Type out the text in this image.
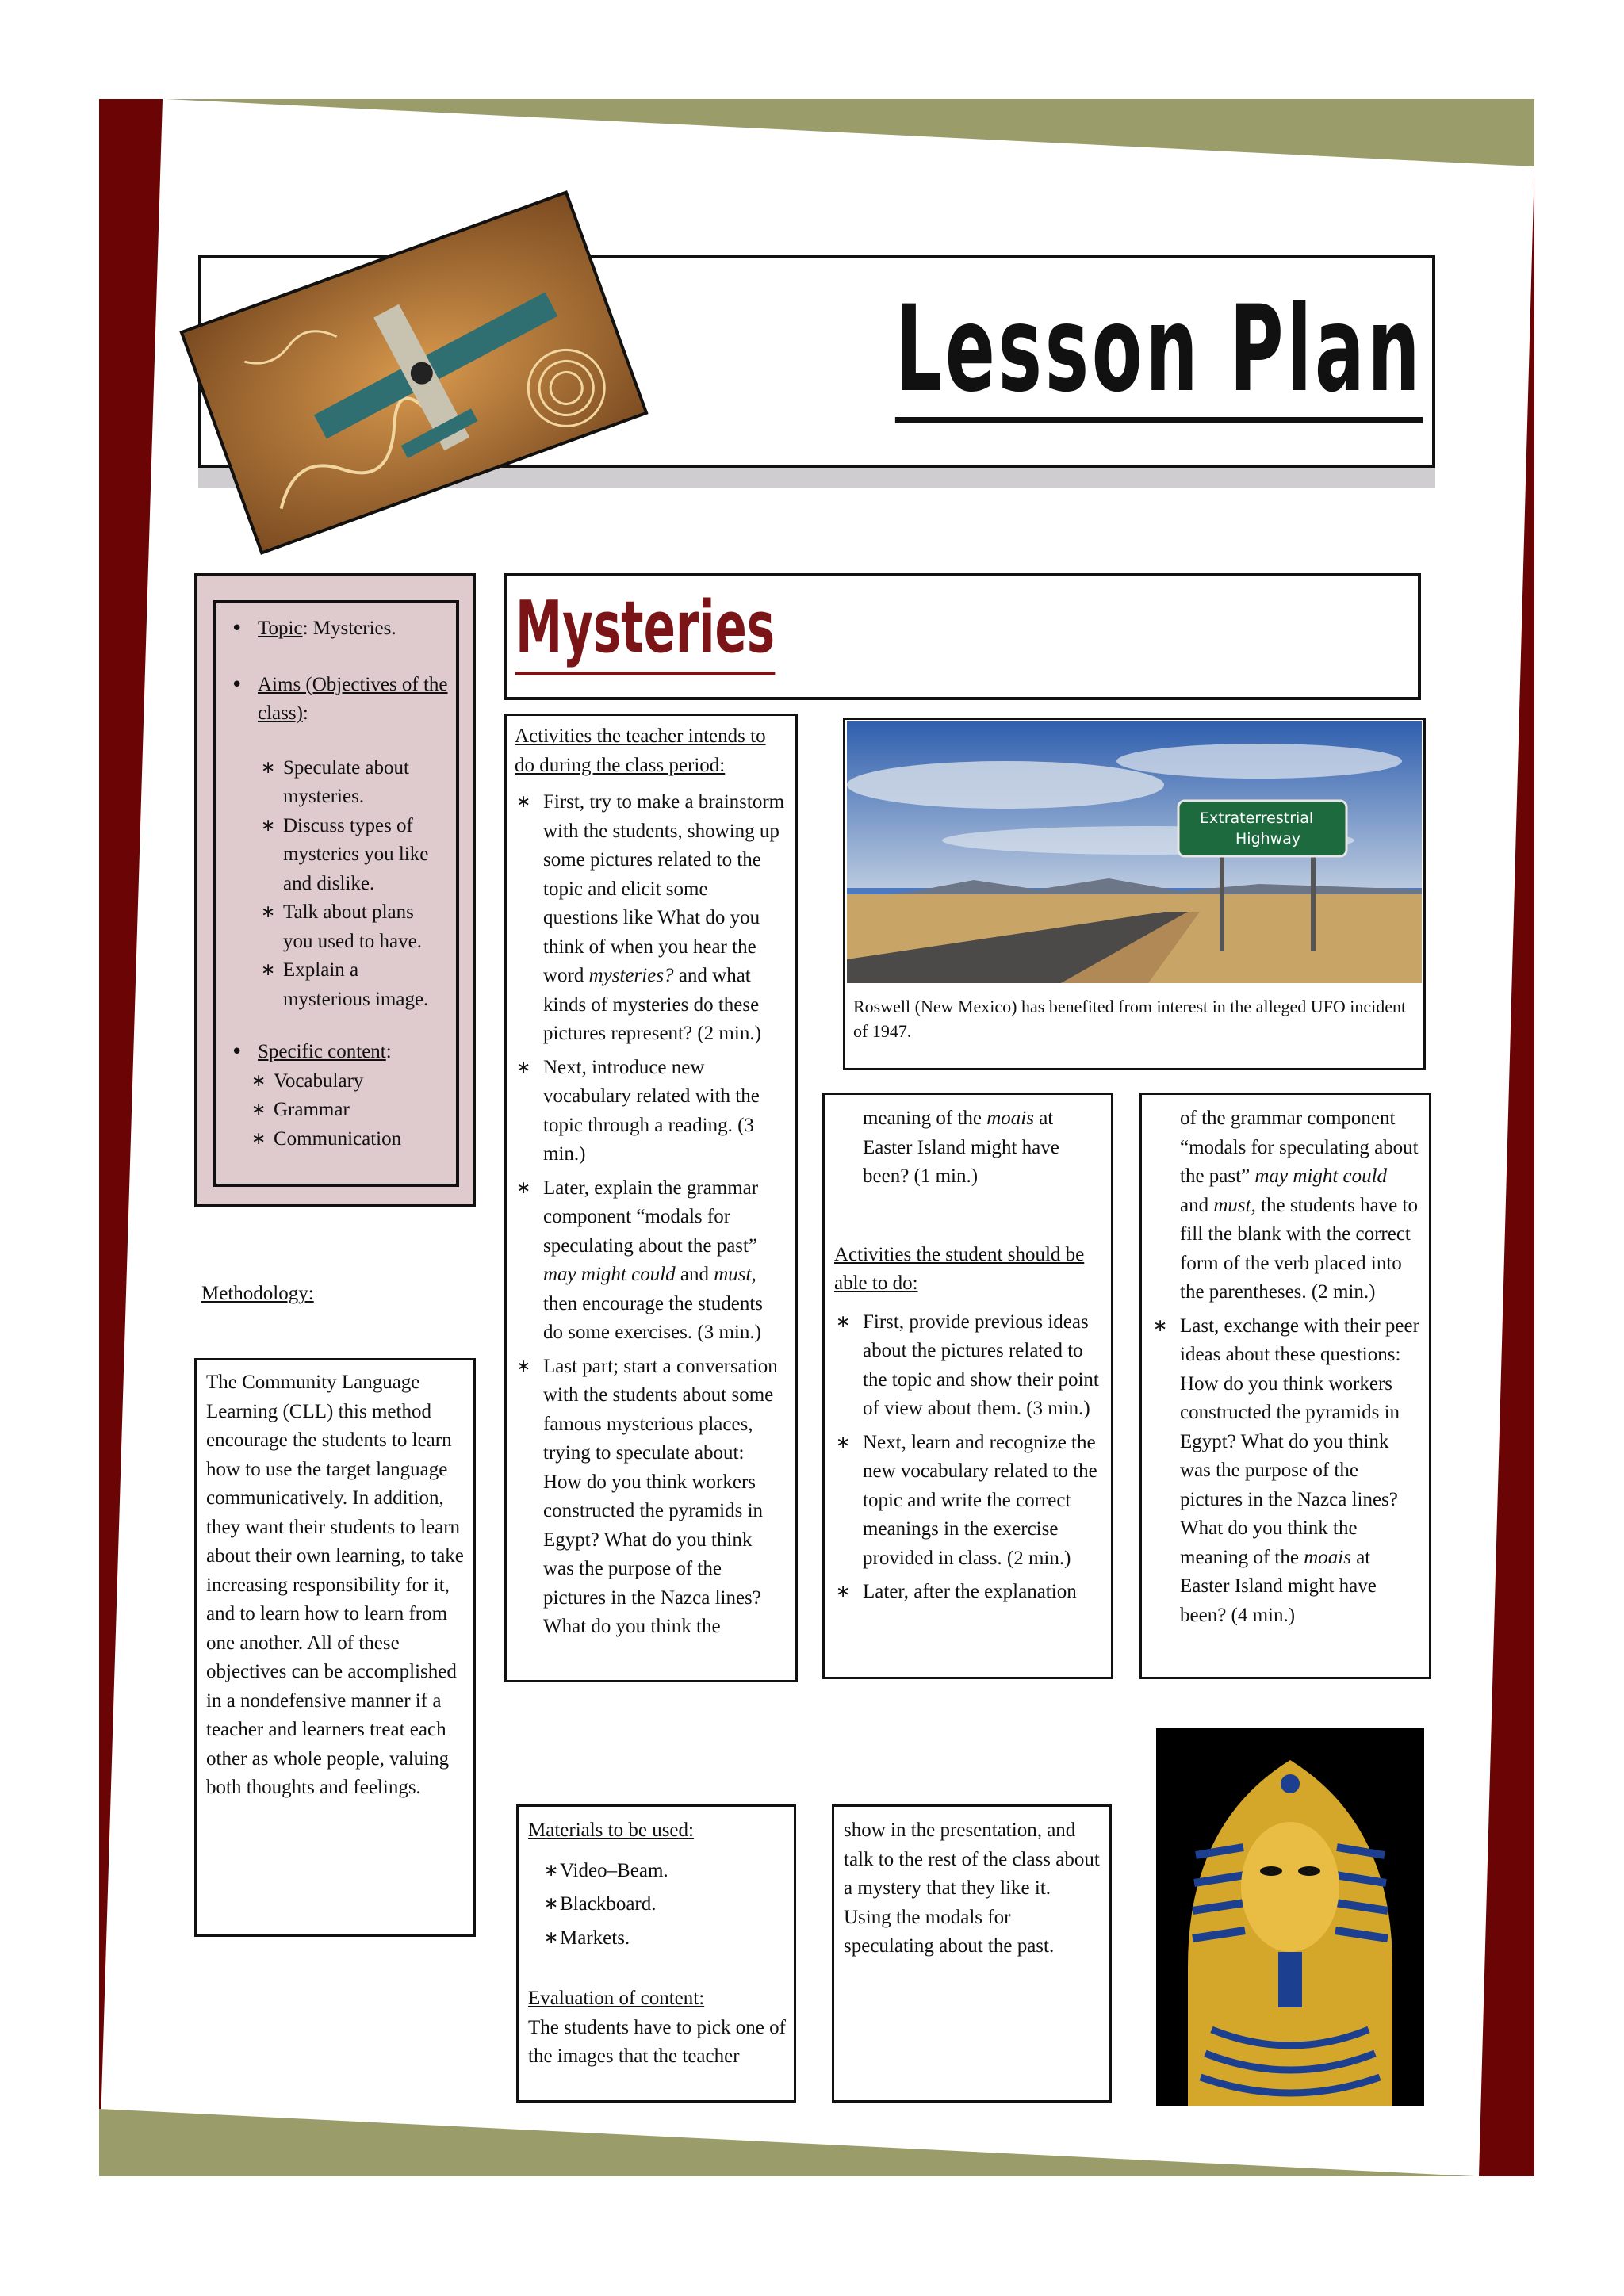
Lesson Plan
• Topic: Mysteries.
• Aims (Objectives of the class):
∗ Speculate about mysteries.
∗ Discuss types of mysteries you like and dislike.
∗ Talk about plans you used to have.
∗ Explain a mysterious image.
• Specific content:
∗ Vocabulary
∗ Grammar
∗ Communication
Methodology:
The Community Language Learning (CLL) this method encourage the students to learn how to use the target language communicatively. In addition, they want their students to learn about their own learning, to take increasing responsibility for it, and to learn how to learn from one another. All of these objectives can be accomplished in a nondefensive manner if a teacher and learners treat each other as whole people, valuing both thoughts and feelings.
Mysteries
Activities the teacher intends to do during the class period:
∗ First, try to make a brainstorm with the students, showing up some pictures related to the topic and elicit some questions like What do you think of when you hear the word mysteries? and what kinds of mysteries do these pictures represent? (2 min.)
∗ Next, introduce new vocabulary related with the topic through a reading. (3 min.)
∗ Later, explain the grammar component “modals for speculating about the past” may might could and must, then encourage the students do some exercises. (3 min.)
∗ Last part; start a conversation with the students about some famous mysterious places, trying to speculate about: How do you think workers constructed the pyramids in Egypt? What do you think was the purpose of the pictures in the Nazca lines? What do you think the
Extraterrestrial
Highway
Roswell (New Mexico) has benefited from interest in the alleged UFO incident of 1947.
meaning of the moais at Easter Island might have been? (1 min.)
Activities the student should be able to do:
∗ First, provide previous ideas about the pictures related to the topic and show their point of view about them. (3 min.)
∗ Next, learn and recognize the new vocabulary related to the topic and write the correct meanings in the exercise provided in class. (2 min.)
∗ Later, after the explanation
of the grammar component “modals for speculating about the past” may might could and must, the students have to fill the blank with the correct form of the verb placed into the parentheses. (2 min.)
∗ Last, exchange with their peer ideas about these questions: How do you think workers constructed the pyramids in Egypt? What do you think was the purpose of the pictures in the Nazca lines? What do you think the meaning of the moais at Easter Island might have been? (4 min.)
Materials to be used:
∗ Video–Beam.
∗ Blackboard.
∗ Markets.
Evaluation of content:
The students have to pick one of the images that the teacher
show in the presentation, and talk to the rest of the class about a mystery that they like it. Using the modals for speculating about the past.
